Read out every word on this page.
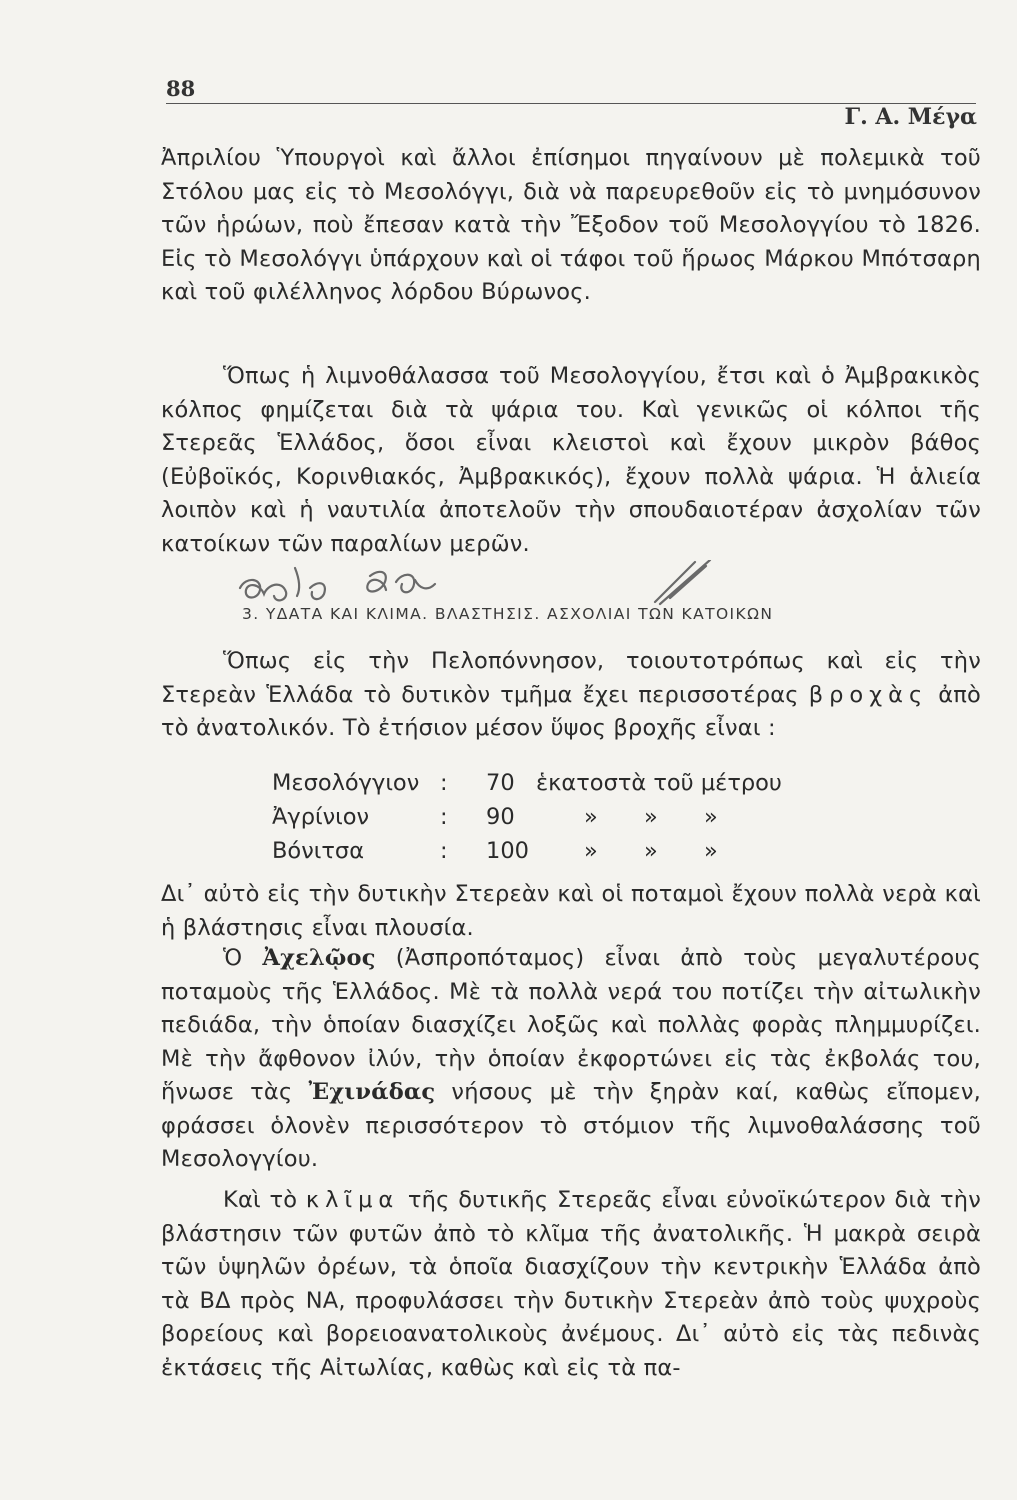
88
Γ. Α. Μέγα

Ἀπριλίου Ὑπουργοὶ καὶ ἄλλοι ἐπίσημοι πηγαίνουν μὲ πολεμικὰ τοῦ Στόλου μας εἰς τὸ Μεσολόγγι, διὰ νὰ παρευρεθοῦν εἰς τὸ μνημόσυνον τῶν ἡρώων, ποὺ ἔπεσαν κατὰ τὴν Ἔξοδον τοῦ Μεσολογγίου τὸ 1826. Εἰς τὸ Μεσολόγγι ὑπάρχουν καὶ οἱ τάφοι τοῦ ἥρωος Μάρκου Μπότσαρη καὶ τοῦ φιλέλληνος λόρδου Βύρωνος.

Ὅπως ἡ λιμνοθάλασσα τοῦ Μεσολογγίου, ἔτσι καὶ ὁ Ἀμβρακικὸς κόλπος φημίζεται διὰ τὰ ψάρια του. Καὶ γενικῶς οἱ κόλποι τῆς Στερεᾶς Ἑλλάδος, ὅσοι εἶναι κλειστοὶ καὶ ἔχουν μικρὸν βάθος (Εὐβοϊκός, Κορινθιακός, Ἀμβρακικός), ἔχουν πολλὰ ψάρια. Ἡ ἁλιεία λοιπὸν καὶ ἡ ναυτιλία ἀποτελοῦν τὴν σπουδαιοτέραν ἀσχολίαν τῶν κατοίκων τῶν παραλίων μερῶν.

3. ΥΔΑΤΑ ΚΑΙ ΚΛΙΜΑ. ΒΛΑΣΤΗΣΙΣ. ΑΣΧΟΛΙΑΙ ΤΩΝ ΚΑΤΟΙΚΩΝ

Ὅπως εἰς τὴν Πελοπόννησον, τοιουτοτρόπως καὶ εἰς τὴν Στερεὰν Ἑλλάδα τὸ δυτικὸν τμῆμα ἔχει περισσοτέρας βροχὰς ἀπὸ τὸ ἀνατολικόν. Τὸ ἐτήσιον μέσον ὕψος βροχῆς εἶναι :

Μεσολόγγιον :	70 ἑκατοστὰ τοῦ μέτρου
Ἀγρίνιον	:	90	»	»	»
Βόνιτσα	:	100	»	»	»

Δι᾿ αὐτὸ εἰς τὴν δυτικὴν Στερεὰν καὶ οἱ ποταμοὶ ἔχουν πολλὰ νερὰ καὶ ἡ βλάστησις εἶναι πλουσία.

Ὁ Ἀχελῷος (Ἀσπροπόταμος) εἶναι ἀπὸ τοὺς μεγαλυτέρους ποταμοὺς τῆς Ἑλλάδος. Μὲ τὰ πολλὰ νερά του ποτίζει τὴν αἰτωλικὴν πεδιάδα, τὴν ὁποίαν διασχίζει λοξῶς καὶ πολλὰς φορὰς πλημμυρίζει. Μὲ τὴν ἄφθονον ἰλύν, τὴν ὁποίαν ἐκφορτώνει εἰς τὰς ἐκβολάς του, ἥνωσε τὰς Ἐχινάδας νήσους μὲ τὴν ξηρὰν καί, καθὼς εἴπομεν, φράσσει ὁλονὲν περισσότερον τὸ στόμιον τῆς λιμνοθαλάσσης τοῦ Μεσολογγίου.

Καὶ τὸ κλῖμα τῆς δυτικῆς Στερεᾶς εἶναι εὐνοϊκώτερον διὰ τὴν βλάστησιν τῶν φυτῶν ἀπὸ τὸ κλῖμα τῆς ἀνατολικῆς. Ἡ μακρὰ σειρὰ τῶν ὑψηλῶν ὀρέων, τὰ ὁποῖα διασχίζουν τὴν κεντρικὴν Ἑλλάδα ἀπὸ τὰ ΒΔ πρὸς ΝΑ, προφυλάσσει τὴν δυτικὴν Στερεὰν ἀπὸ τοὺς ψυχροὺς βορείους καὶ βορειοανατολικοὺς ἀνέμους. Δι᾿ αὐτὸ εἰς τὰς πεδινὰς ἐκτάσεις τῆς Αἰτωλίας, καθὼς καὶ εἰς τὰ πα-
